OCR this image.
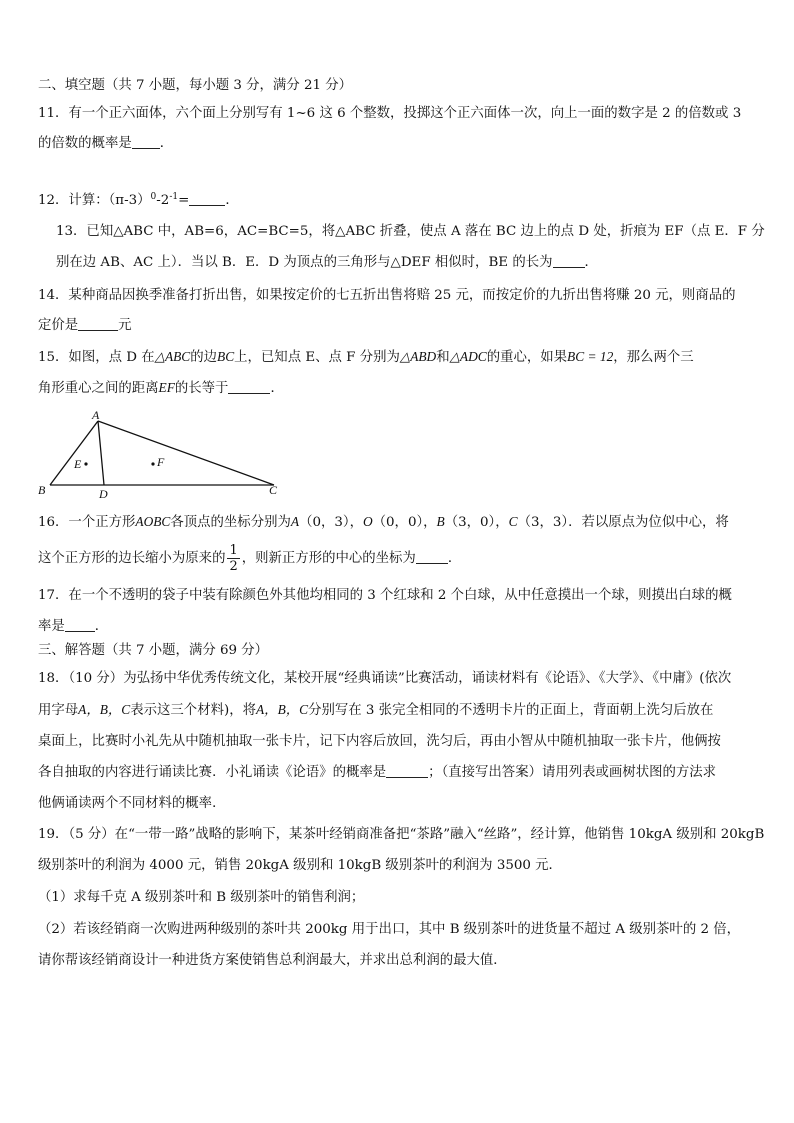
二、填空题（共 7 小题，每小题 3 分，满分 21 分）
11．有一个正六面体，六个面上分别写有 1~6 这 6 个整数，投掷这个正六面体一次，向上一面的数字是 2 的倍数或 3
的倍数的概率是 ．
12．计算：$(\pi-3)^0-2^{-1}=$	．
13．已知△ABC 中，AB=6，AC=BC=5，将△ABC 折叠，使点 A 落在 BC 边上的点 D 处，折痕为 EF（点 E．F 分
别在边 AB、AC 上）．当以 B．E．D 为顶点的三角形与△DEF 相似时，BE 的长为 ．
14．某种商品因换季准备打折出售，如果按定价的七五折出售将赔 25 元，而按定价的九折出售将赚 20 元，则商品的
定价是	元
15．如图，点 D 在△ABC的边BC上，已知点 E、点 F 分别为△ABD和△ADC的重心，如果BC = 12，那么两个三
角形重心之间的距离EF的长等于	．
A
B	C
D
E	F
16．一个正方形AOBC各顶点的坐标分别为A（0，3），O（0，0），B（3，0），C（3，3）．若以原点为位似中心，将
这个正方形的边长缩小为原来的 $\frac{1}{2}$ ，则新正方形的中心的坐标为 ．
17．在一个不透明的袋子中装有除颜色外其他均相同的 3 个红球和 2 个白球，从中任意摸出一个球，则摸出白球的概
率是 ．
三、解答题（共 7 小题，满分 69 分）
18．（10 分）为弘扬中华优秀传统文化，某校开展“经典诵读”比赛活动，诵读材料有《论语》、《大学》、《中庸》(依次
用字母A，B，C表示这三个材料)，将A，B，C分别写在 3 张完全相同的不透明卡片的正面上，背面朝上洗匀后放在
桌面上，比赛时小礼先从中随机抽取一张卡片，记下内容后放回，洗匀后，再由小智从中随机抽取一张卡片，他俩按
各自抽取的内容进行诵读比赛．小礼诵读《论语》的概率是	；（直接写出答案）请用列表或画树状图的方法求
他俩诵读两个不同材料的概率．
19．（5 分）在“一带一路”战略的影响下，某茶叶经销商准备把“茶路”融入“丝路”，经计算，他销售 10kgA 级别和 20kgB
级别茶叶的利润为 4000 元，销售 20kgA 级别和 10kgB 级别茶叶的利润为 3500 元．
（1）求每千克 A 级别茶叶和 B 级别茶叶的销售利润；
（2）若该经销商一次购进两种级别的茶叶共 200kg 用于出口，其中 B 级别茶叶的进货量不超过 A 级别茶叶的 2 倍，
请你帮该经销商设计一种进货方案使销售总利润最大，并求出总利润的最大值．
